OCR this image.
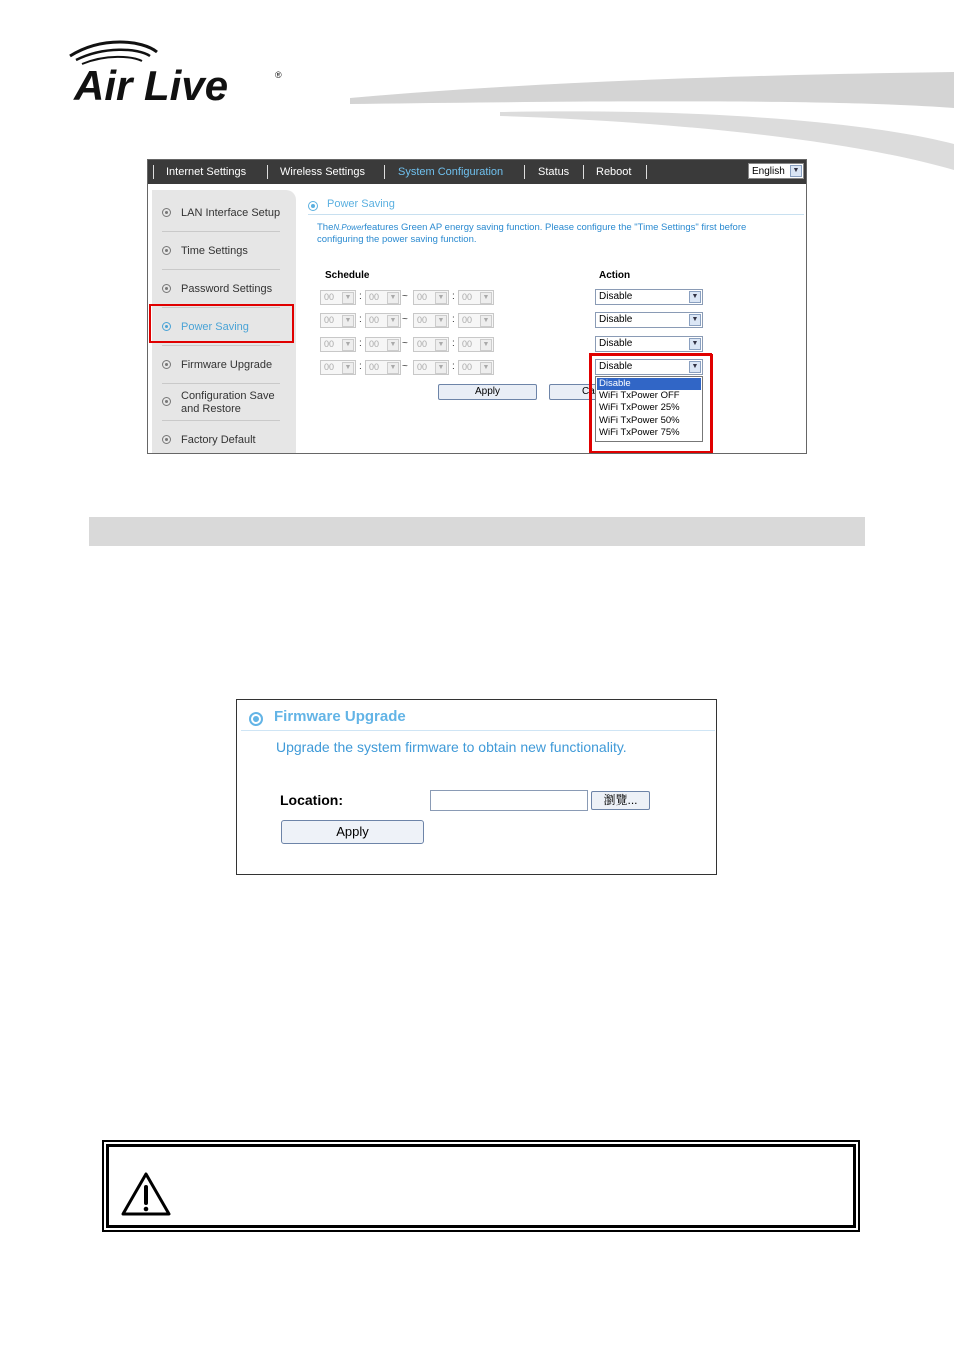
Air Live	®
Internet Settings	Wireless Settings	System Configuration	Status Reboot	English	▼
LAN Interface Setup
Time Settings
Password Settings
Power Saving
Firmware Upgrade
Configuration Save and Restore
Factory Default
Power Saving
TheN.Powerfeatures Green AP energy saving function. Please configure the "Time Settings" first before configuring the power saving function.
Schedule	Action
00	▼ : 00	▼ ~	00	▼ : 00	▼	Disable	▼
00	▼ : 00	▼ ~	00	▼ : 00	▼	Disable	▼
00	▼ : 00	▼ ~	00	▼ : 00	▼	Disable	▼
00	▼ : 00	▼ ~	00	▼ : 00	▼	Disable	▼
Apply	Ca
Disable
WiFi TxPower OFF
WiFi TxPower 25%
WiFi TxPower 50%
WiFi TxPower 75%
Firmware Upgrade
Upgrade the system firmware to obtain new functionality.
Location:	瀏覽...
Apply
